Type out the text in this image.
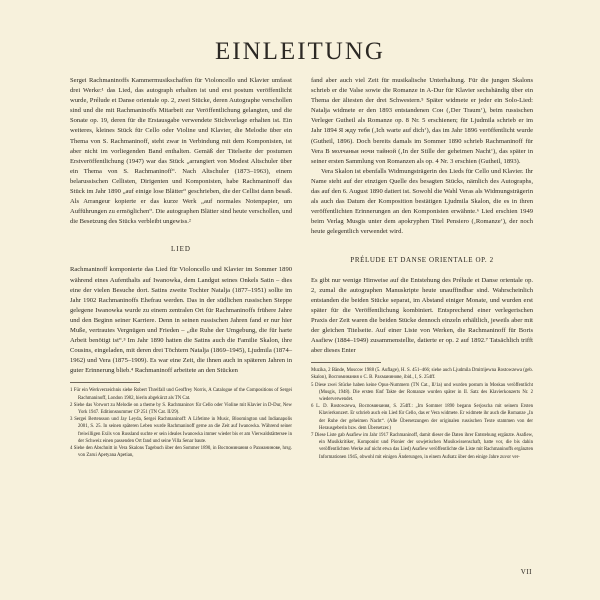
EINLEITUNG

Sergei Rachmaninoffs Kammermusikschaffen für Violoncello und Klavier umfasst drei Werke:¹ das Lied, das autograph erhalten ist und erst postum veröffentlicht wurde, Prélude et Danse orientale op. 2, zwei Stücke, deren Autographe verschollen sind und die mit Rachmaninoffs Mitarbeit zur Veröffentlichung gelangten, und die Sonate op. 19, deren für die Erstausgabe verwendete Stichvorlage erhalten ist. Ein weiteres, kleines Stück für Cello oder Violine und Klavier, die Melodie über ein Thema von S. Rachmaninoff, steht zwar in Verbindung mit dem Komponisten, ist aber nicht im vorliegenden Band enthalten. Gemäß der Titelseite der postumen Erstveröffentlichung (1947) war das Stück „arrangiert von Modest Altschuler über ein Thema von S. Rachmaninoff“. Nach Altschuler (1873–1963), einem belarussischen Cellisten, Dirigenten und Komponisten, habe Rachmaninoff das Stück im Jahr 1890 „auf einige lose Blätter“ geschrieben, die der Cellist dann besaß. Als Arrangeur kopierte er das kurze Werk „auf normales Notenpapier, um Aufführungen zu ermöglichen“. Die autographen Blätter sind heute verschollen, und die Besetzung des Stücks verbleibt ungewiss.²

LIED

Rachmaninoff komponierte das Lied für Violoncello und Klavier im Sommer 1890 während eines Aufenthalts auf Iwanowka, dem Landgut seines Onkels Satin – dies eine der vielen Besuche dort. Satins zweite Tochter Natalja (1877–1951) sollte im Jahr 1902 Rachmaninoffs Ehefrau werden. Das in der südlichen russischen Steppe gelegene Iwanowka wurde zu einem zentralen Ort für Rachmaninoffs frühere Jahre und den Beginn seiner Karriere. Denn in seinen russischen Jahren fand er nur hier Muße, vertrautes Vergnügen und Frieden – „die Ruhe der Umgebung, die für harte Arbeit benötigt ist“.³ Im Jahr 1890 hatten die Satins auch die Familie Skalon, ihre Cousins, eingeladen, mit deren drei Töchtern Natalja (1869–1945), Ljudmila (1874–1962) und Vera (1875–1909). Es war eine Zeit, die ihnen auch in späteren Jahren in guter Erinnerung blieb.⁴ Rachmaninoff arbeitete an den Stücken

1 Für ein Werkverzeichnis siehe Robert Threlfall und Geoffrey Norris, A Catalogue of the Compositions of Sergei Rachmaninoff, London 1982, hierin abgekürzt als TN Cat.

2 Siehe das Vorwort zu Melodie on a theme by S. Rachmaninov für Cello oder Violine mit Klavier in D-Dur, New York 1947. Editionsnummer CP 251 (TN Cat. II/29).

3 Sergei Bertensson und Jay Leyda, Sergei Rachmaninoff: A Lifetime in Music, Bloomington und Indianapolis 2001, S. 25. In seinen späteren Leben wurde Rachmaninoff gerne an die Zeit auf Iwanowka. Während seiner freiwilligen Exils von Russland suchte er sein ideales Iwanowka immer wieder bis er am Vierwaldstättersee in der Schweiz einen passenden Ort fand und seine Villa Senar baute.

4 Siehe den Abschnitt in Vera Skalons Tagebuch über den Sommer 1890, in Воспоминания о Рахманинове, hrsg. von Zarui Apetyana Apetian,

fand aber auch viel Zeit für musikalische Unterhaltung. Für die jungen Skalons schrieb er die Valse sowie die Romanze in A-Dur für Klavier sechshändig über ein Thema der ältesten der drei Schwestern.⁵ Später widmete er jeder ein Solo-Lied: Natalja widmete er den 1893 entstandenen Сон (‚Der Traum‘), beim russischen Verleger Gutheil als Romanze op. 8 Nr. 5 erschienen; für Ljudmila schrieb er im Jahr 1894 Я жду тебя (‚Ich warte auf dich‘), das im Jahr 1896 veröffentlicht wurde (Gutheil, 1896). Doch bereits damals im Sommer 1890 schrieb Rachmaninoff für Vera В молчаньи ночи тайной (‚In der Stille der geheimen Nacht‘), das später in seiner ersten Sammlung von Romanzen als op. 4 Nr. 3 erschien (Gutheil, 1893).

Vera Skalon ist ebenfalls Widmungsträgerin des Lieds für Cello und Klavier. Ihr Name steht auf der einzigen Quelle des besagten Stücks, nämlich des Autographs, das auf den 6. August 1890 datiert ist. Sowohl die Wahl Veras als Widmungsträgerin als auch das Datum der Komposition bestätigen Ljudmila Skalon, die es in ihren veröffentlichten Erinnerungen an den Komponisten erwähnte.⁶ Lied erschien 1949 beim Verlag Musgis unter dem apokryphen Titel Pensiero (‚Romanze‘), der noch heute gelegentlich verwendet wird.

PRÉLUDE ET DANSE ORIENTALE OP. 2

Es gibt nur wenige Hinweise auf die Entstehung des Prélude et Danse orientale op. 2, zumal die autographen Manuskripte heute unauffindbar sind. Wahrscheinlich entstanden die beiden Stücke separat, im Abstand einiger Monate, und wurden erst später für die Veröffentlichung kombiniert. Entsprechend einer verlegerischen Praxis der Zeit waren die beiden Stücke dennoch einzeln erhältlich, jeweils aber mit der gleichen Titelseite. Auf einer Liste von Werken, die Rachmaninoff für Boris Asafiew (1884–1949) zusammenstellte, datierte er op. 2 auf 1892.⁷ Tatsächlich trifft aber dieses Enter

Muzika, 2 Bände, Moscow 1988 (5. Auflage), H. S. 451–466; siehe auch Ljudmila Dmitrijewna Rostowzewa (geb. Skalon), Воспоминания о С. В. Рахманинове, ibid., I, S. 254ff.

5 Diese zwei Stücke haben keine Opus-Nummern (TN Cat., II/1a) und wurden postum in Moskau veröffentlicht (Musgis, 1948). Die ersten fünf Takte der Romanze wurden später in II. Satz des Klavierkonzerts Nr. 2 wiederverwendet.

6 L. D. Rostowzewa, Воспоминания, S. 254ff.: „Im Sommer 1890 begann Serjoscha mit seinem Ersten Klavierkonzert. Er schrieb auch ein Lied für Cello, das er Vera widmete. Er widmete ihr auch die Romanze „In der Ruhe der geheimen Nacht“. (Alle Übersetzungen der originalen russischen Texte stammen von der Herausgeberin bzw. dem Übersetzer.)

7 Diese Liste gab Asafiew im Jahr 1917 Rachmaninoff, damit dieser die Daten ihrer Entstehung ergänzte. Asafiew, ein Musikkritiker, Komponist und Pionier der sowjetischen Musikwissenschaft, hatte vor, die bis dahin veröffentlichten Werke auf nicht etwa das Lied) Asafiew veröffentlichte die Liste mit Rachmaninoffs ergänzten Informationen 1945, obwohl mit einigen Änderungen, in einem Aufsatz über den einige Jahre zuvor ver-

VII
